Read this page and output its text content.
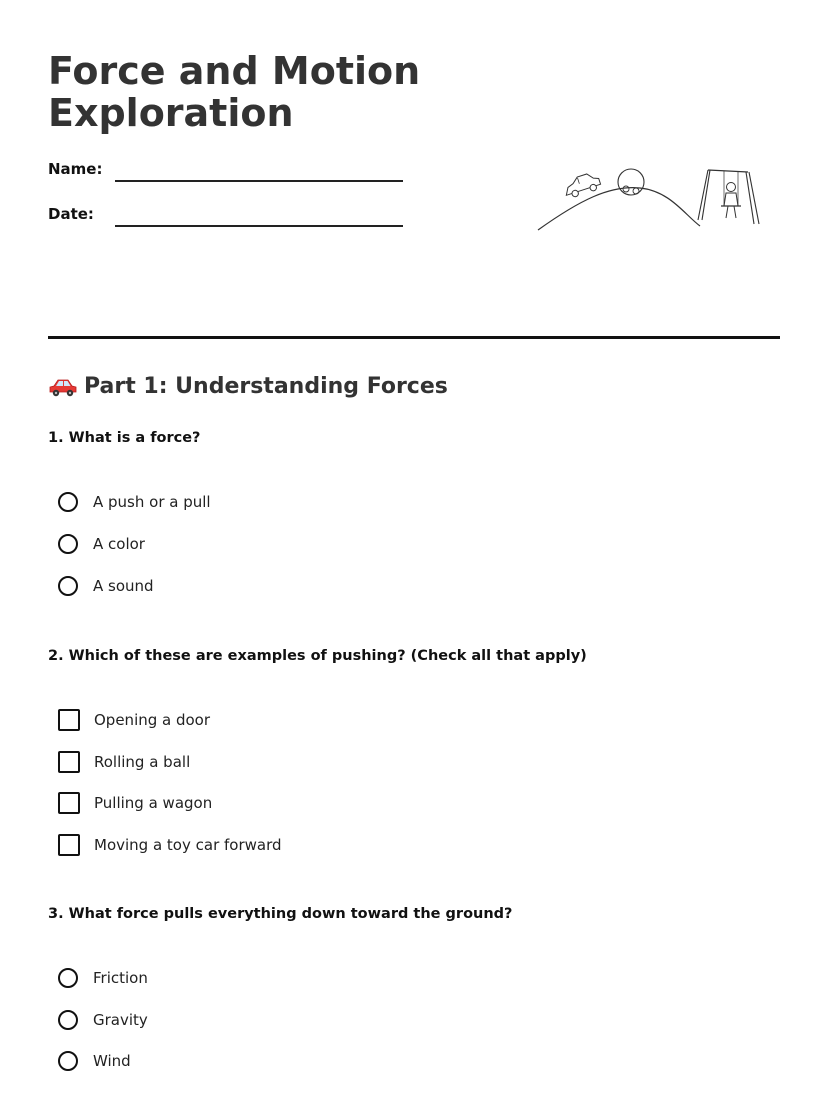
Force and Motion
Exploration
Name:
Date:
Part 1: Understanding Forces

1. What is a force?

A push or a pull
A color
A sound

2. Which of these are examples of pushing? (Check all that apply)

Opening a door
Rolling a ball
Pulling a wagon
Moving a toy car forward

3. What force pulls everything down toward the ground?

Friction
Gravity
Wind
